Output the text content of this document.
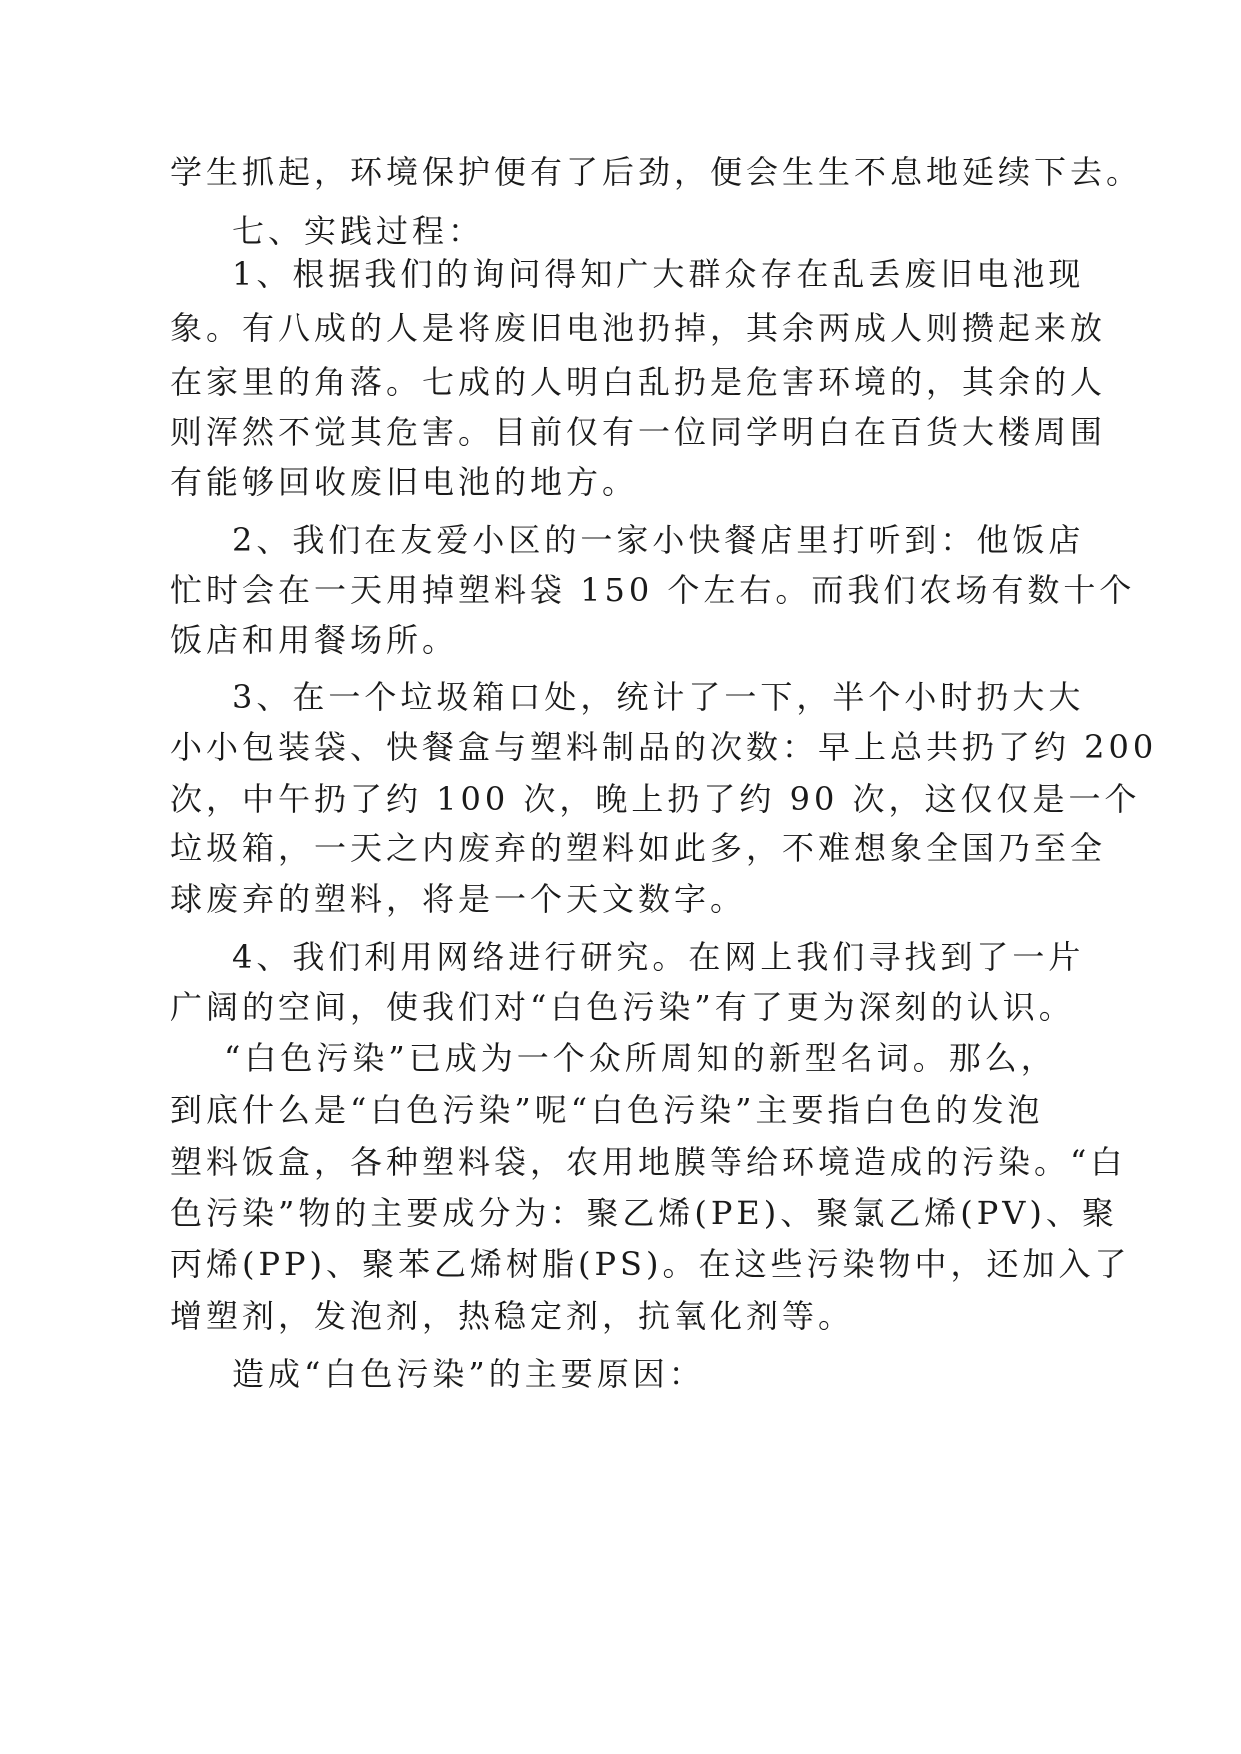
学生抓起，环境保护便有了后劲，便会生生不息地延续下去。
七、实践过程：
1、根据我们的询问得知广大群众存在乱丢废旧电池现
象。有八成的人是将废旧电池扔掉，其余两成人则攒起来放
在家里的角落。七成的人明白乱扔是危害环境的，其余的人
则浑然不觉其危害。目前仅有一位同学明白在百货大楼周围
有能够回收废旧电池的地方。
2、我们在友爱小区的一家小快餐店里打听到：他饭店
忙时会在一天用掉塑料袋 150 个左右。而我们农场有数十个
饭店和用餐场所。
3、在一个垃圾箱口处，统计了一下，半个小时扔大大
小小包装袋、快餐盒与塑料制品的次数：早上总共扔了约 200
次，中午扔了约 100 次，晚上扔了约 90 次，这仅仅是一个
垃圾箱，一天之内废弃的塑料如此多，不难想象全国乃至全
球废弃的塑料，将是一个天文数字。
4、我们利用网络进行研究。在网上我们寻找到了一片
广阔的空间，使我们对“白色污染”有了更为深刻的认识。
“白色污染”已成为一个众所周知的新型名词。那么，
到底什么是“白色污染”呢“白色污染”主要指白色的发泡
塑料饭盒，各种塑料袋，农用地膜等给环境造成的污染。“白
色污染”物的主要成分为：聚乙烯(PE)、聚氯乙烯(PV)、聚
丙烯(PP)、聚苯乙烯树脂(PS)。在这些污染物中，还加入了
增塑剂，发泡剂，热稳定剂，抗氧化剂等。
造成“白色污染”的主要原因：
